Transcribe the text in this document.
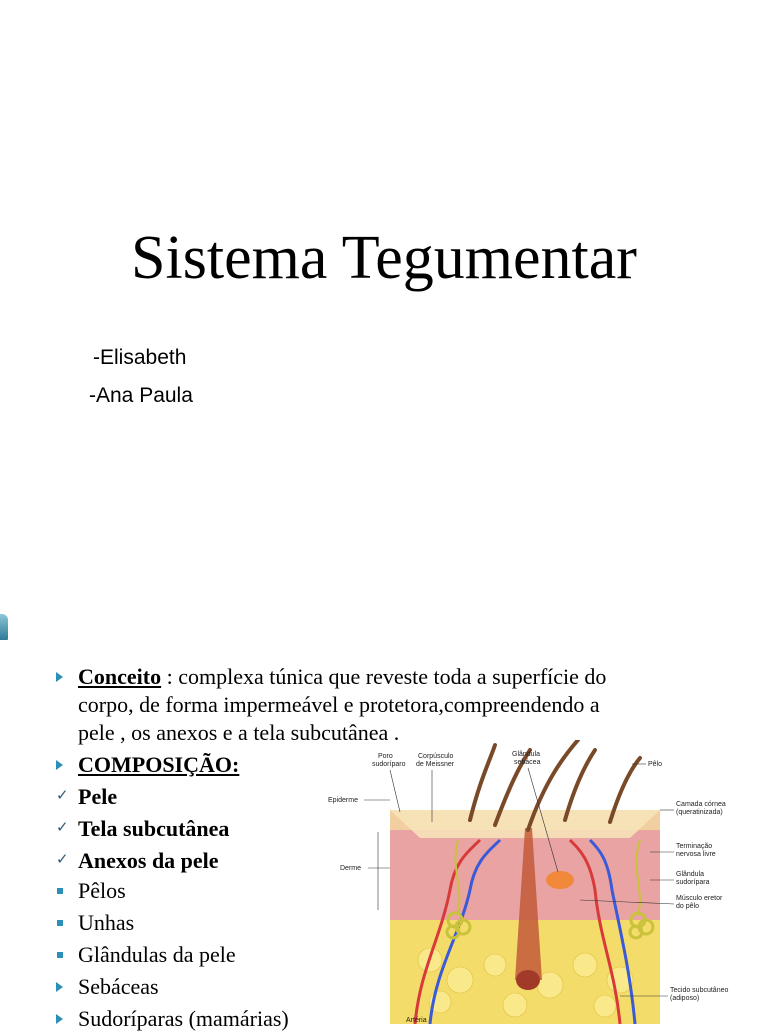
Sistema Tegumentar
-Elisabeth
-Ana Paula
Conceito : complexa túnica que reveste toda a superfície do
corpo, de forma impermeável e protetora,compreendendo a
pele , os anexos e a tela subcutânea .
COMPOSIÇÃO:
✓ Pele
✓ Tela subcutânea
✓ Anexos da pele
Pêlos
Unhas
Glândulas da pele
Sebáceas
Sudoríparas (mamárias)
Poro
sudoríparo
Corpúsculo
de Meissner
Glândula
sebácea	Pêlo
Epiderme
Camada córnea
(queratinizada)
Terminação
nervosa livre
Derme
Glândula
sudorípara
Músculo eretor
do pêlo
Tecido subcutâneo
(adiposo)
Artéria
